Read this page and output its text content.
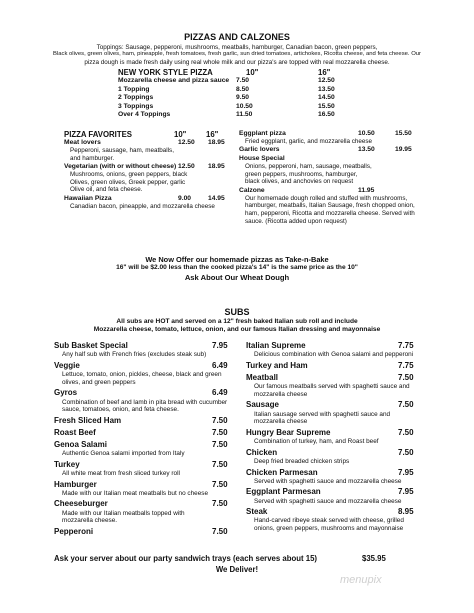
PIZZAS AND CALZONES
Toppings: Sausage, pepperoni, mushrooms, meatballs, hamburger, Canadian bacon, green peppers,
Black olives, green olives, ham, pineapple, fresh tomatoes, fresh garlic, sun dried tomatoes, artichokes, Ricotta cheese, and feta cheese. Our
pizza dough is made fresh daily using real whole milk and our pizza's are topped with real mozzarella cheese.
NEW YORK STYLE PIZZA	10"	16"
Mozzarella cheese and pizza sauce 7.50	12.50
1 Topping	8.50	13.50
2 Toppings	9.50	14.50
3 Toppings	10.50	15.50
Over 4 Toppings	11.50	16.50
PIZZA FAVORITES	10"	16"
Meat lovers	12.50 18.95
Pepperoni, sausage, ham, meatballs,
and hamburger.
Vegetarian (with or without cheese) 12.50 18.95
Mushrooms, onions, green peppers, black
Olives, green olives, Greek pepper, garlic
Olive oil, and feta cheese.
Hawaiian Pizza	9.00	14.95
Canadian bacon, pineapple, and mozzarella cheese
Eggplant pizza	10.50	15.50
Fried eggplant, garlic, and mozzarella cheese
Garlic lovers	13.50	19.95
House Special
Onions, pepperoni, ham, sausage, meatballs,
green peppers, mushrooms, hamburger,
black olives, and anchovies on request
Calzone	11.95
Our homemade dough rolled and stuffed with mushrooms,
hamburger, meatballs, Italian Sausage, fresh chopped onion,
ham, pepperoni, Ricotta and mozzarella cheese. Served with
sauce. (Ricotta added upon request)
We Now Offer our homemade pizzas as Take-n-Bake
16" will be $2.00 less than the cooked pizza's 14" is the same price as the 10"
Ask About Our Wheat Dough
SUBS
All subs are HOT and served on a 12" fresh baked Italian sub roll and include
Mozzarella cheese, tomato, lettuce, onion, and our famous Italian dressing and mayonnaise
Sub Basket Special	7.95
Any half sub with French fries (excludes steak sub)
Veggie	6.49
Lettuce, tomato, onion, pickles, cheese, black and green
olives, and green peppers
Gyros	6.49
Combination of beef and lamb in pita bread with cucumber
sauce, tomatoes, onion, and feta cheese.
Fresh Sliced Ham	7.50
Roast Beef	7.50
Genoa Salami	7.50
Authentic Genoa salami imported from Italy
Turkey	7.50
All white meat from fresh sliced turkey roll
Hamburger	7.50
Made with our Italian meat meatballs but no cheese
Cheeseburger	7.50
Made with our Italian meatballs topped with
mozzarella cheese.
Pepperoni	7.50
Italian Supreme	7.75
Delicious combination with Genoa salami and pepperoni
Turkey and Ham	7.75
Meatball	7.50
Our famous meatballs served with spaghetti sauce and
mozzarella cheese
Sausage	7.50
Italian sausage served with spaghetti sauce and
mozzarella cheese
Hungry Bear Supreme	7.50
Combination of turkey, ham, and Roast beef
Chicken	7.50
Deep fried breaded chicken strips
Chicken Parmesan	7.95
Served with spaghetti sauce and mozzarella cheese
Eggplant Parmesan	7.95
Served with spaghetti sauce and mozzarella cheese
Steak	8.95
Hand-carved ribeye steak served with cheese, grilled
onions, green peppers, mushrooms and mayonnaise
Ask your server about our party sandwich trays (each serves about 15)	$35.95
We Deliver!
menupix
